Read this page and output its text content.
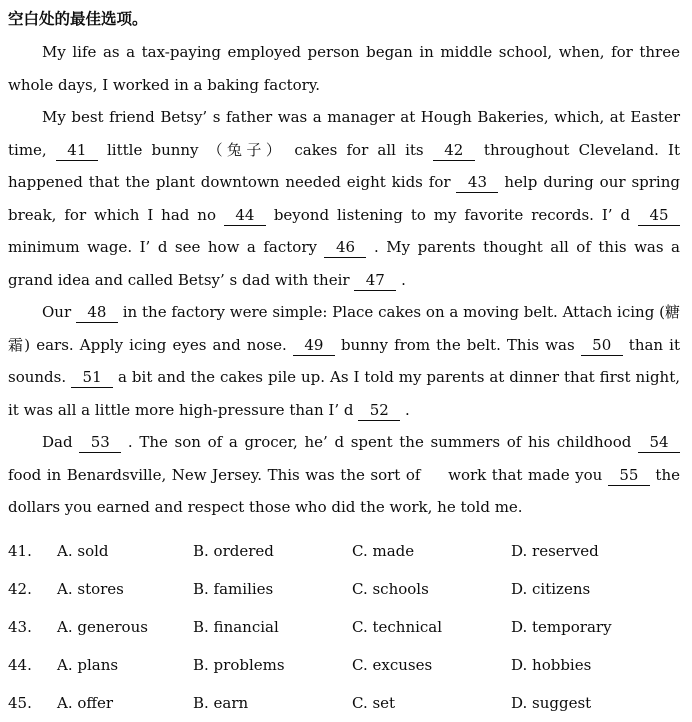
空白处的最佳选项。

My life as a tax-paying employed person began in middle school, when, for three whole days, I worked in a baking factory.

My best friend Betsy’ s father was a manager at Hough Bakeries, which, at Easter time, 41 little bunny （兔子） cakes for all its 42 throughout Cleveland. It happened that the plant downtown needed eight kids for 43 help during our spring break, for which I had no 44 beyond listening to my favorite records. I’ d 45 minimum wage. I’ d see how a factory 46 . My parents thought all of this was a grand idea and called Betsy’ s dad with their 47 .

Our 48 in the factory were simple: Place cakes on a moving belt. Attach icing (糖霜) ears. Apply icing eyes and nose. 49 bunny from the belt. This was 50 than it sounds. 51 a bit and the cakes pile up. As I told my parents at dinner that first night, it was all a little more high-pressure than I’ d 52 .

Dad 53 . The son of a grocer, he’ d spent the summers of his childhood 54 food in Benardsville, New Jersey. This was the sort of     work that made you 55 the dollars you earned and respect those who did the work, he told me.

41.	A. sold	B. ordered	C. made	D. reserved
42.	A. stores	B. families	C. schools	D. citizens
43.	A. generous	B. financial	C. technical	D. temporary
44.	A. plans	B. problems	C. excuses	D. hobbies
45.	A. offer	B. earn	C. set	D. suggest
